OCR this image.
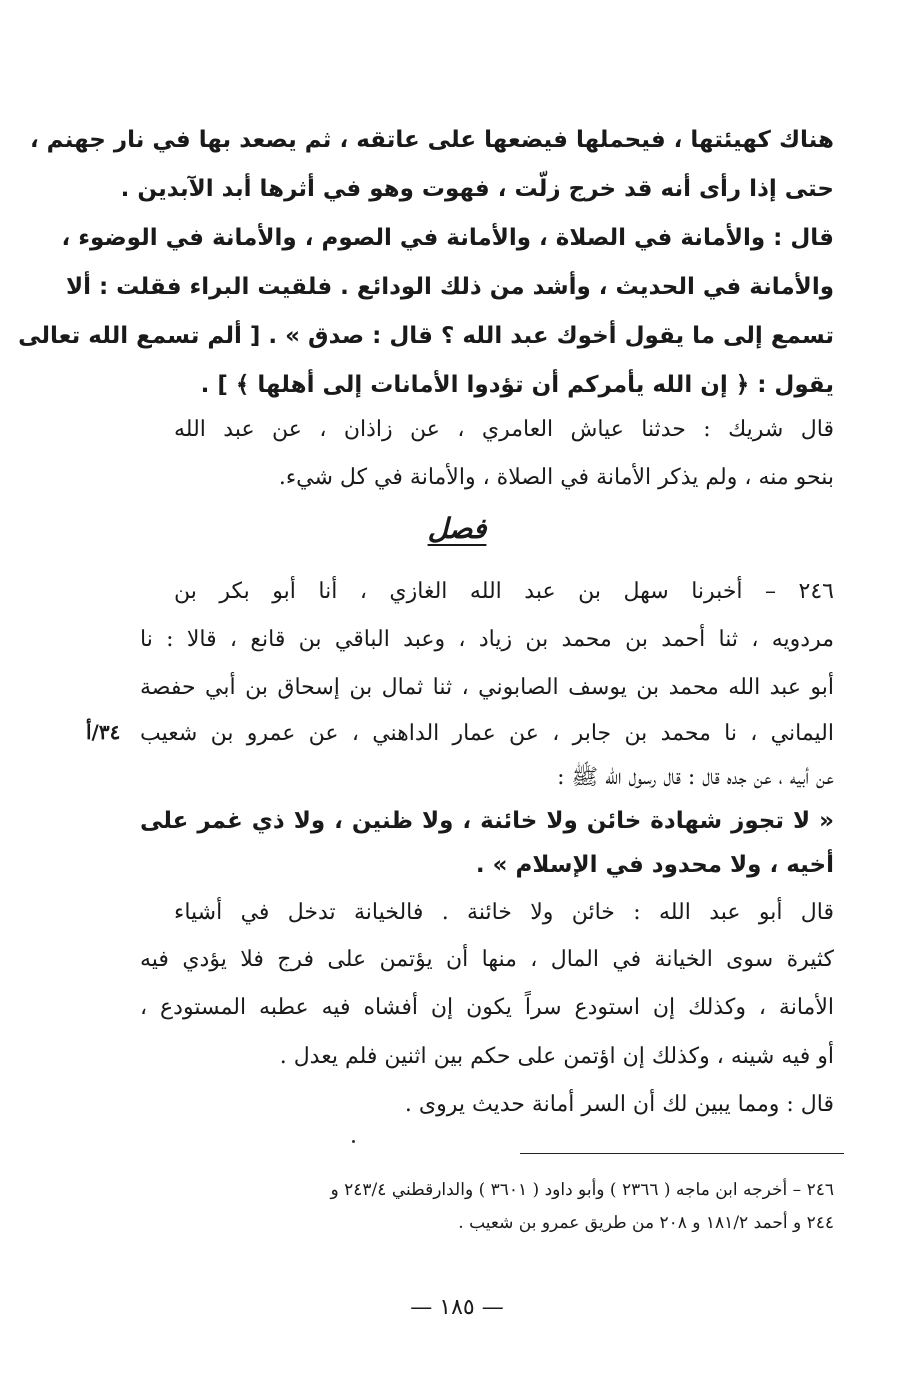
هناك كهيئتها ، فيحملها فيضعها على عاتقه ، ثم يصعد بها في نار جهنم ،
حتى إذا رأى أنه قد خرج زلّت ، فهوت وهو في أثرها أبد الآبدين .
قال : والأمانة في الصلاة ، والأمانة في الصوم ، والأمانة في الوضوء ،
والأمانة في الحديث ، وأشد من ذلك الودائع . فلقيت البراء فقلت : ألا
تسمع إلى ما يقول أخوك عبد الله ؟ قال : صدق » . [ ألم تسمع الله تعالى
يقول : ﴿ إن الله يأمركم أن تؤدوا الأمانات إلى أهلها ﴾ ] .
قال شريك : حدثنا عياش العامري ، عن زاذان ، عن عبد الله
بنحو منه ، ولم يذكر الأمانة في الصلاة ، والأمانة في كل شيء.
فصل
٢٤٦ – أخبرنا سهل بن عبد الله الغازي ، أنا أبو بكر بن
مردويه ، ثنا أحمد بن محمد بن زياد ، وعبد الباقي بن قانع ، قالا : نا
أبو عبد الله محمد بن يوسف الصابوني ، ثنا ثمال بن إسحاق بن أبي حفصة
اليماني ، نا محمد بن جابر ، عن عمار الداهني ، عن عمرو بن شعيب
عن أبيه ، عن جده قال : قال رسول الله ﷺ :
٣٤/أ
« لا تجوز شهادة خائن ولا خائنة ، ولا ظنين ، ولا ذي غمر على
أخيه ، ولا محدود في الإسلام » .
قال أبو عبد الله : خائن ولا خائنة . فالخيانة تدخل في أشياء
كثيرة سوى الخيانة في المال ، منها أن يؤتمن على فرج فلا يؤدي فيه
الأمانة ، وكذلك إن استودع سراً يكون إن أفشاه فيه عطبه المستودع ،
أو فيه شينه ، وكذلك إن اؤتمن على حكم بين اثنين فلم يعدل .
قال : ومما يبين لك أن السر أمانة حديث يروى .
٢٤٦ – أخرجه ابن ماجه ( ٢٣٦٦ ) وأبو داود ( ٣٦٠١ ) والدارقطني ٢٤٣/٤ و
٢٤٤ و أحمد ١٨١/٢ و ٢٠٨ من طريق عمرو بن شعيب .
— ١٨٥ —
